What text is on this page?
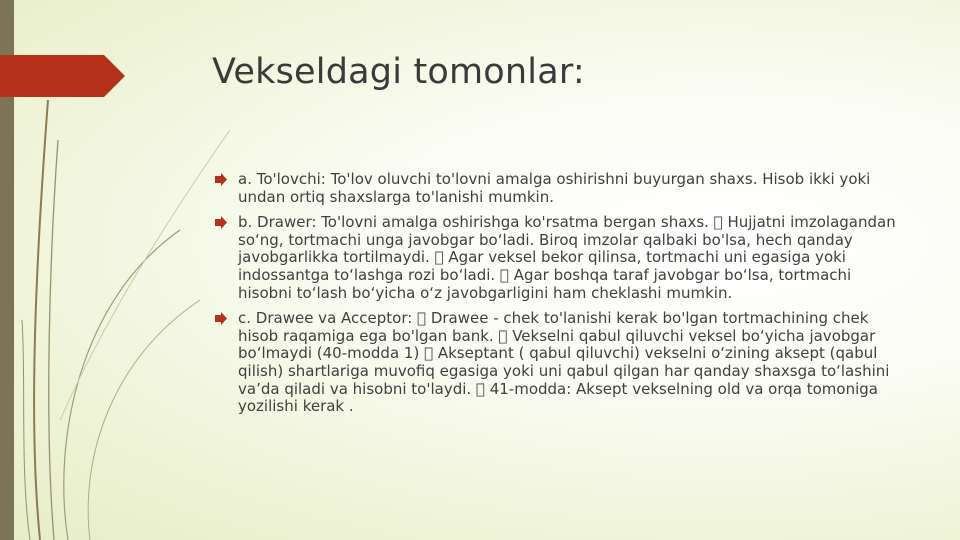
Vekseldagi tomonlar:
a. To'lovchi: To'lov oluvchi to'lovni amalga oshirishni buyurgan shaxs. Hisob ikki yoki undan ortiq shaxslarga to'lanishi mumkin.
b. Drawer: To'lovni amalga oshirishga ko'rsatma bergan shaxs. Hujjatni imzolagandan so‘ng, tortmachi unga javobgar bo‘ladi. Biroq imzolar qalbaki bo'lsa, hech qanday javobgarlikka tortilmaydi. Agar veksel bekor qilinsa, tortmachi uni egasiga yoki indossantga to‘lashga rozi bo‘ladi. Agar boshqa taraf javobgar bo‘lsa, tortmachi hisobni to‘lash bo‘yicha o‘z javobgarligini ham cheklashi mumkin.
c. Drawee va Acceptor: Drawee - chek to'lanishi kerak bo'lgan tortmachining chek hisob raqamiga ega bo'lgan bank. Vekselni qabul qiluvchi veksel bo‘yicha javobgar bo‘lmaydi (40-modda 1) Akseptant ( qabul qiluvchi) vekselni o‘zining aksept (qabul qilish) shartlariga muvofiq egasiga yoki uni qabul qilgan har qanday shaxsga to‘lashini va’da qiladi va hisobni to'laydi. 41-modda: Aksept vekselning old va orqa tomoniga yozilishi kerak .
